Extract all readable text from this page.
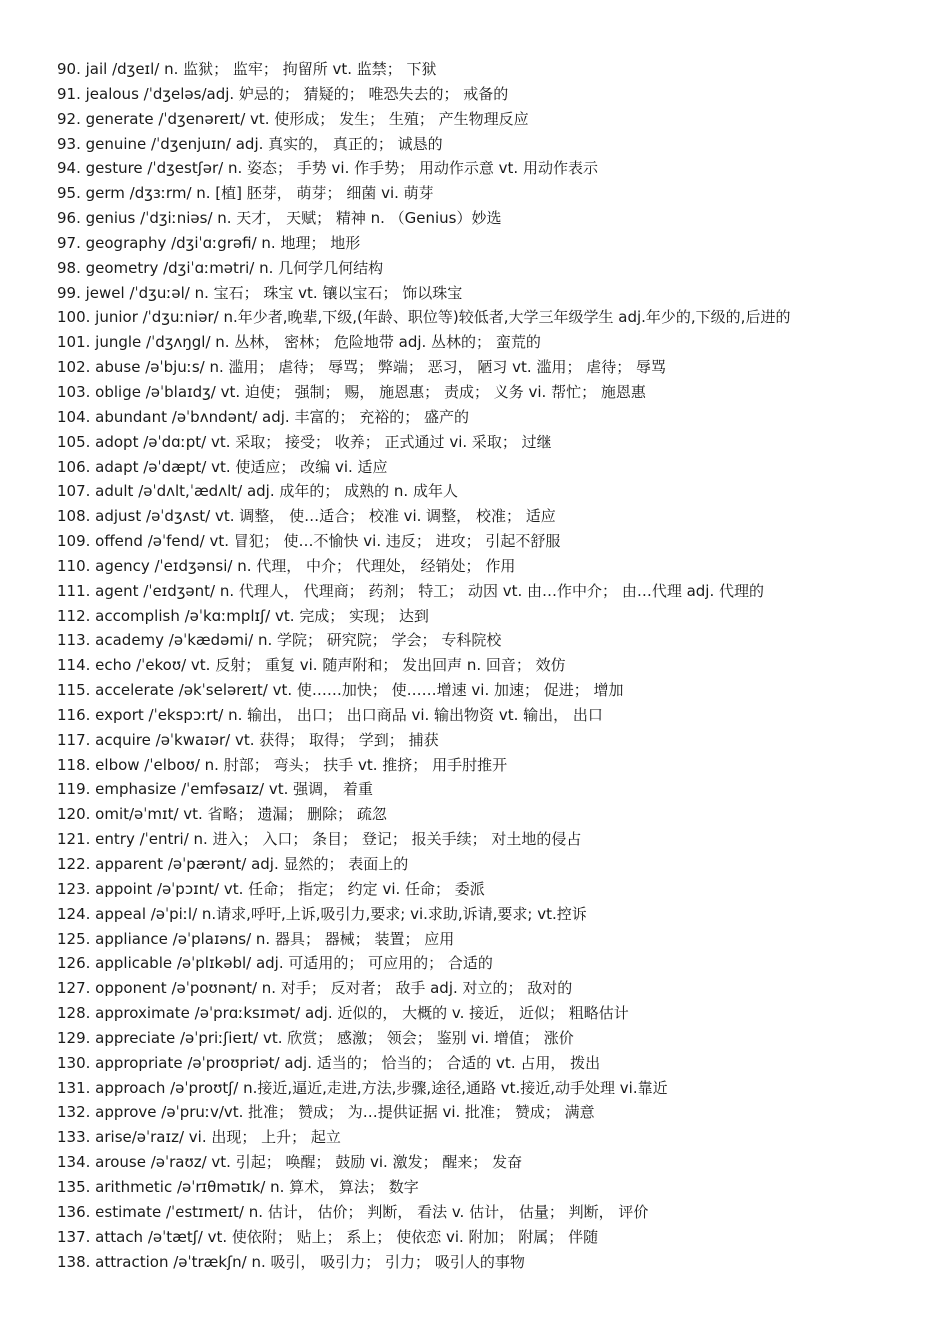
90. jail /dʒeɪl/ n. 监狱； 监牢； 拘留所 vt. 监禁； 下狱
91. jealous /ˈdʒeləs/adj. 妒忌的； 猜疑的； 唯恐失去的； 戒备的
92. generate /ˈdʒenəreɪt/ vt. 使形成； 发生； 生殖； 产生物理反应
93. genuine /ˈdʒenjuɪn/ adj. 真实的， 真正的； 诚恳的
94. gesture /ˈdʒestʃər/ n. 姿态； 手势 vi. 作手势； 用动作示意 vt. 用动作表示
95. germ /dʒɜːrm/ n. [植] 胚芽， 萌芽； 细菌 vi. 萌芽
96. genius /ˈdʒiːniəs/ n. 天才， 天赋； 精神 n. （Genius）妙选
97. geography /dʒiˈɑːgrəfi/ n. 地理； 地形
98. geometry /dʒiˈɑːmətri/ n. 几何学几何结构
99. jewel /ˈdʒuːəl/ n. 宝石； 珠宝 vt. 镶以宝石； 饰以珠宝
100. junior /ˈdʒuːniər/ n.年少者,晚辈,下级,(年龄、职位等)较低者,大学三年级学生 adj.年少的,下级的,后进的
101. jungle /ˈdʒʌŋgl/ n. 丛林， 密林； 危险地带 adj. 丛林的； 蛮荒的
102. abuse /əˈbjuːs/ n. 滥用； 虐待； 辱骂； 弊端； 恶习， 陋习 vt. 滥用； 虐待； 辱骂
103. oblige /əˈblaɪdʒ/ vt. 迫使； 强制； 赐， 施恩惠； 责成； 义务 vi. 帮忙； 施恩惠
104. abundant /əˈbʌndənt/ adj. 丰富的； 充裕的； 盛产的
105. adopt /əˈdɑːpt/ vt. 采取； 接受； 收养； 正式通过 vi. 采取； 过继
106. adapt /əˈdæpt/ vt. 使适应； 改编 vi. 适应
107. adult /əˈdʌlt,ˈædʌlt/ adj. 成年的； 成熟的 n. 成年人
108. adjust /əˈdʒʌst/ vt. 调整， 使…适合； 校准 vi. 调整， 校准； 适应
109. offend /əˈfend/ vt. 冒犯； 使…不愉快 vi. 违反； 进攻； 引起不舒服
110. agency /ˈeɪdʒənsi/ n. 代理， 中介； 代理处， 经销处； 作用
111. agent /ˈeɪdʒənt/ n. 代理人， 代理商； 药剂； 特工； 动因 vt. 由…作中介； 由…代理 adj. 代理的
112. accomplish /əˈkɑːmplɪʃ/ vt. 完成； 实现； 达到
113. academy /əˈkædəmi/ n. 学院； 研究院； 学会； 专科院校
114. echo /ˈekoʊ/ vt. 反射； 重复 vi. 随声附和； 发出回声 n. 回音； 效仿
115. accelerate /əkˈseləreɪt/ vt. 使……加快； 使……增速 vi. 加速； 促进； 增加
116. export /ˈekspɔːrt/ n. 输出， 出口； 出口商品 vi. 输出物资 vt. 输出， 出口
117. acquire /əˈkwaɪər/ vt. 获得； 取得； 学到； 捕获
118. elbow /ˈelboʊ/ n. 肘部； 弯头； 扶手 vt. 推挤； 用手肘推开
119. emphasize /ˈemfəsaɪz/ vt. 强调， 着重
120. omit/əˈmɪt/ vt. 省略； 遗漏； 删除； 疏忽
121. entry /ˈentri/ n. 进入； 入口； 条目； 登记； 报关手续； 对土地的侵占
122. apparent /əˈpærənt/ adj. 显然的； 表面上的
123. appoint /əˈpɔɪnt/ vt. 任命； 指定； 约定 vi. 任命； 委派
124. appeal /əˈpiːl/ n.请求,呼吁,上诉,吸引力,要求; vi.求助,诉请,要求; vt.控诉
125. appliance /əˈplaɪəns/ n. 器具； 器械； 装置； 应用
126. applicable /əˈplɪkəbl/ adj. 可适用的； 可应用的； 合适的
127. opponent /əˈpoʊnənt/ n. 对手； 反对者； 敌手 adj. 对立的； 敌对的
128. approximate /əˈprɑːksɪmət/ adj. 近似的， 大概的 v. 接近， 近似； 粗略估计
129. appreciate /əˈpriːʃieɪt/ vt. 欣赏； 感激； 领会； 鉴别 vi. 增值； 涨价
130. appropriate /əˈproʊpriət/ adj. 适当的； 恰当的； 合适的 vt. 占用， 拨出
131. approach /əˈproʊtʃ/ n.接近,逼近,走进,方法,步骤,途径,通路 vt.接近,动手处理 vi.靠近
132. approve /əˈpruːv/vt. 批准； 赞成； 为…提供证据 vi. 批准； 赞成； 满意
133. arise/əˈraɪz/ vi. 出现； 上升； 起立
134. arouse /əˈraʊz/ vt. 引起； 唤醒； 鼓励 vi. 激发； 醒来； 发奋
135. arithmetic /əˈrɪθmətɪk/ n. 算术， 算法； 数字
136. estimate /ˈestɪmeɪt/ n. 估计， 估价； 判断， 看法 v. 估计， 估量； 判断， 评价
137. attach /əˈtætʃ/ vt. 使依附； 贴上； 系上； 使依恋 vi. 附加； 附属； 伴随
138. attraction /əˈtrækʃn/ n. 吸引， 吸引力； 引力； 吸引人的事物
